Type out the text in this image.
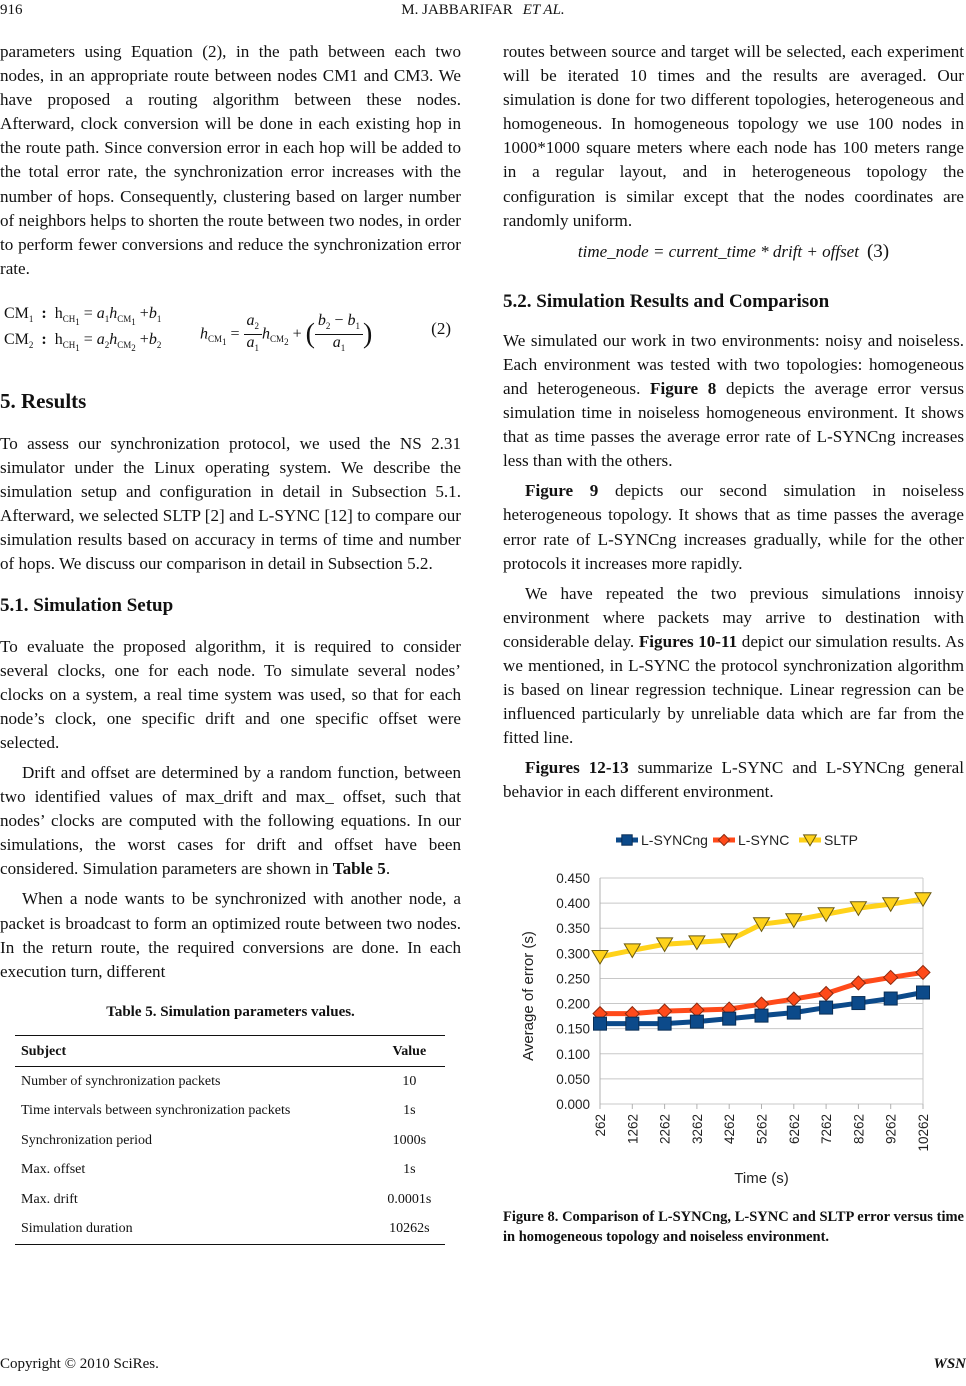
916	M. JABBARIFAR ET AL.

parameters using Equation (2), in the path between each two nodes, in an appropriate route between nodes CM1 and CM3. We have proposed a routing algorithm between these nodes. Afterward, clock conversion will be done in each existing hop in the route path. Since conversion error in each hop will be added to the total error rate, the synchronization error increases with the number of hops. Consequently, clustering based on larger number of neighbors helps to shorten the route between two nodes, in order to perform fewer conversions and reduce the synchronization error rate.

$CM_1$ :  $h_{CH_1} = a_1h_{CM_1} +b_1$
$CM_2$ :  $h_{CH_1} = a_2h_{CM_2} +b_2$
$h_{CM_1} = \frac{a_2}{a_1} h_{CM_2}$ + ( $\frac{b_2 - b_1}{a_1}$ )	(2)
5. Results

To assess our synchronization protocol, we used the NS 2.31 simulator under the Linux operating system. We describe the simulation setup and configuration in detail in Subsection 5.1. Afterward, we selected SLTP [2] and L-SYNC [12] to compare our simulation results based on accuracy in terms of time and number of hops. We discuss our comparison in detail in Subsection 5.2.

5.1. Simulation Setup

To evaluate the proposed algorithm, it is required to consider several clocks, one for each node. To simulate several nodes’ clocks on a system, a real time system was used, so that for each node’s clock, one specific drift and one specific offset were selected.

Drift and offset are determined by a random function, between two identified values of max_drift and max_ offset, such that nodes’ clocks are computed with the following equations. In our simulations, the worst cases for drift and offset have been considered. Simulation parameters are shown in Table 5.

When a node wants to be synchronized with another node, a packet is broadcast to form an optimized route between two nodes. In the return route, the required conversions are done. In each execution turn, different

Table 5. Simulation parameters values.
Subject	Value
Number of synchronization packets	10
Time intervals between synchronization packets	1s
Synchronization period	1000s
Max. offset	1s
Max. drift	0.0001s
Simulation duration	10262s

routes between source and target will be selected, each experiment will be iterated 10 times and the results are averaged. Our simulation is done for two different topologies, heterogeneous and homogeneous. In homogeneous topology we use 100 nodes in 1000*1000 square meters where each node has 100 meters range in a regular layout, and in heterogeneous topology the configuration is similar except that the nodes coordinates are randomly uniform.

time_node = current_time * drift + offset (3)
5.2. Simulation Results and Comparison

We simulated our work in two environments: noisy and noiseless. Each environment was tested with two topologies: homogeneous and heterogeneous. Figure 8 depicts the average error versus simulation time in noiseless homogeneous environment. It shows that as time passes the average error rate of L-SYNCng increases less than with the others.

Figure 9 depicts our second simulation in noiseless heterogeneous topology. It shows that as time passes the average error rate of L-SYNCng increases gradually, while for the other protocols it increases more rapidly.

We have repeated the two previous simulations innoisy environment where packets may arrive to destination with considerable delay. Figures 10-11 depict our simulation results. As we mentioned, in L-SYNC the protocol synchronization algorithm is based on linear regression technique. Linear regression can be influenced particularly by unreliable data which are far from the fitted line.

Figures 12-13 summarize L-SYNC and L-SYNCng general behavior in each different environment.

L-SYNCng L-SYNC SLTP
0.000
0.050
0.100
0.150
0.200
0.250
0.300
0.350
0.400
0.450
262 1262 2262 3262 4262 5262 6262 7262 8262 9262 10262
Time (s)
Average of error (s)
Figure 8. Comparison of L-SYNCng, L-SYNC and SLTP error versus time in homogeneous topology and noiseless environment.
Copyright © 2010 SciRes.	WSN
